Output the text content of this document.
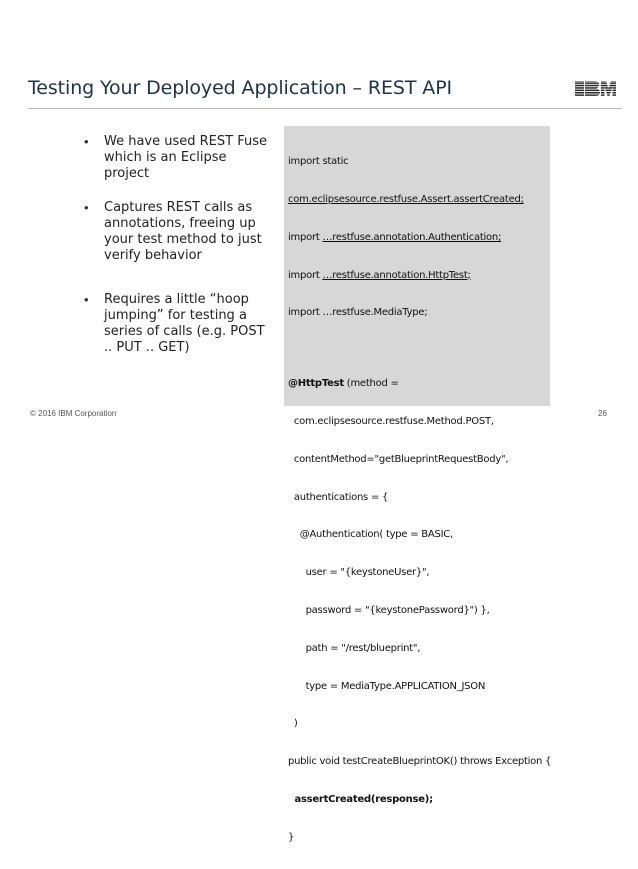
Testing Your Deployed Application – REST API
•	We have used REST Fuse which is an Eclipse project
•	Captures REST calls as annotations, freeing up your test method to just verify behavior
•	Requires a little “hoop jumping” for testing a series of calls (e.g. POST .. PUT .. GET)

import static

com.eclipsesource.restfuse.Assert.assertCreated;

import …restfuse.annotation.Authentication;

import …restfuse.annotation.HttpTest;

import …restfuse.MediaType;

@HttpTest (method =

com.eclipsesource.restfuse.Method.POST,

contentMethod="getBlueprintRequestBody",

authentications = {

@Authentication( type = BASIC,

user = "{keystoneUser}",

password = "{keystonePassword}") },

path = "/rest/blueprint",

type = MediaType.APPLICATION_JSON

)

public void testCreateBlueprintOK() throws Exception {

assertCreated(response);

}

© 2016 IBM Corporation	26
